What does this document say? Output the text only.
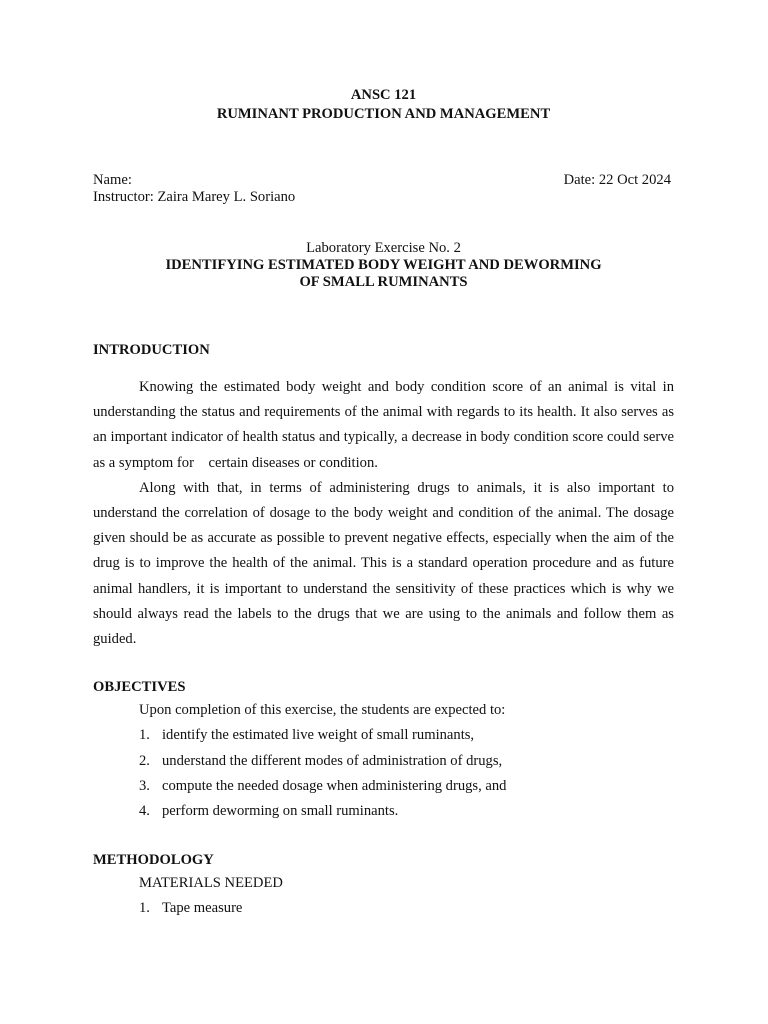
ANSC 121
RUMINANT PRODUCTION AND MANAGEMENT
Name:	Date: 22 Oct 2024
Instructor: Zaira Marey L. Soriano
Laboratory Exercise No. 2
IDENTIFYING ESTIMATED BODY WEIGHT AND DEWORMING
OF SMALL RUMINANTS

INTRODUCTION

Knowing the estimated body weight and body condition score of an animal is vital in understanding the status and requirements of the animal with regards to its health. It also serves as an important indicator of health status and typically, a decrease in body condition score could serve as a symptom for    certain diseases or condition.

Along with that, in terms of administering drugs to animals, it is also important to understand the correlation of dosage to the body weight and condition of the animal. The dosage given should be as accurate as possible to prevent negative effects, especially when the aim of the drug is to improve the health of the animal. This is a standard operation procedure and as future animal handlers, it is important to understand the sensitivity of these practices which is why we should always read the labels to the drugs that we are using to the animals and follow them as guided.

OBJECTIVES

Upon completion of this exercise, the students are expected to:
1. identify the estimated live weight of small ruminants,
2. understand the different modes of administration of drugs,
3. compute the needed dosage when administering drugs, and
4. perform deworming on small ruminants.

METHODOLOGY

MATERIALS NEEDED
1. Tape measure
